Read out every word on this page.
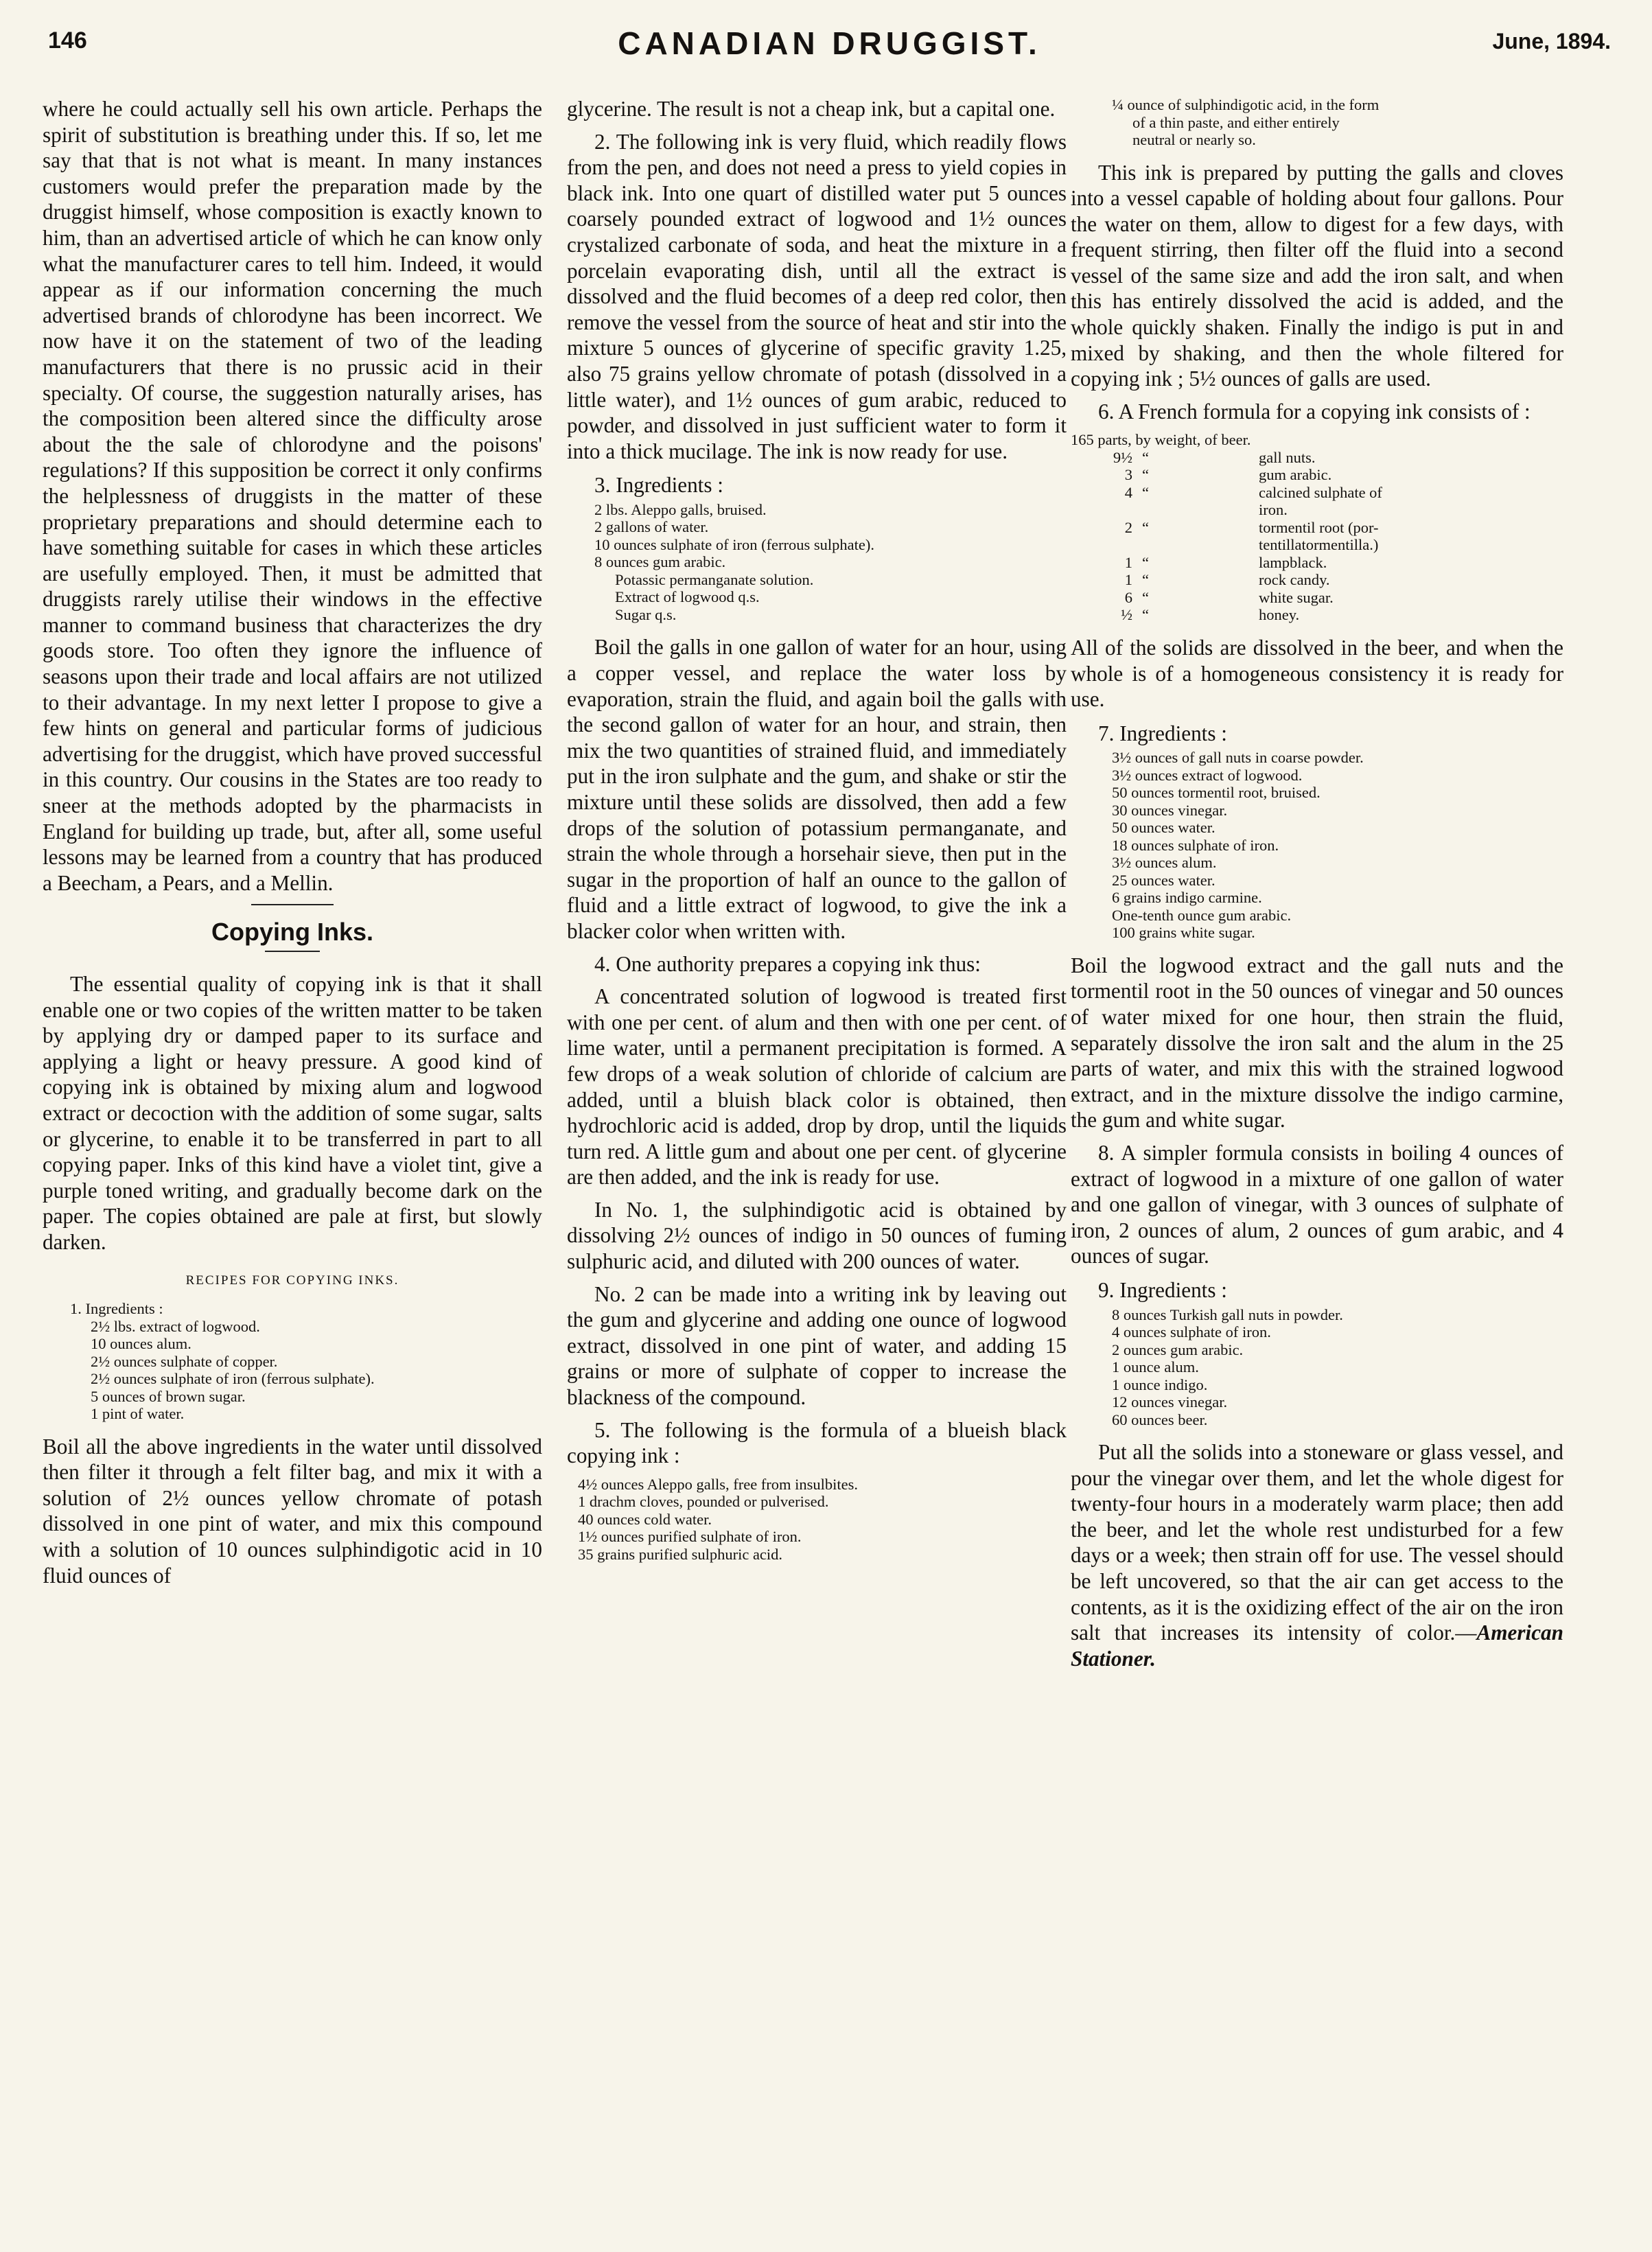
146	CANADIAN DRUGGIST.	June, 1894.

where he could actually sell his own article. Perhaps the spirit of substitution is breathing under this. If so, let me say that that is not what is meant. In many instances customers would prefer the preparation made by the druggist himself, whose composition is exactly known to him, than an advertised article of which he can know only what the manufacturer cares to tell him. Indeed, it would appear as if our information concerning the much advertised brands of chlorodyne has been incorrect. We now have it on the statement of two of the leading manufacturers that there is no prussic acid in their specialty. Of course, the suggestion naturally arises, has the composition been altered since the difficulty arose about the the sale of chlorodyne and the poisons' regulations? If this supposition be correct it only confirms the helplessness of druggists in the matter of these proprietary preparations and should determine each to have something suitable for cases in which these articles are usefully employed. Then, it must be admitted that druggists rarely utilise their windows in the effective manner to command business that characterizes the dry goods store. Too often they ignore the influence of seasons upon their trade and local affairs are not utilized to their advantage. In my next letter I propose to give a few hints on general and particular forms of judicious advertising for the druggist, which have proved successful in this country. Our cousins in the States are too ready to sneer at the methods adopted by the pharmacists in England for building up trade, but, after all, some useful lessons may be learned from a country that has produced a Beecham, a Pears, and a Mellin.

Copying Inks.

The essential quality of copying ink is that it shall enable one or two copies of the written matter to be taken by applying dry or damped paper to its surface and applying a light or heavy pressure. A good kind of copying ink is obtained by mixing alum and logwood extract or decoction with the addition of some sugar, salts or glycerine, to enable it to be transferred in part to all copying paper. Inks of this kind have a violet tint, give a purple toned writing, and gradually become dark on the paper. The copies obtained are pale at first, but slowly darken.

RECIPES FOR COPYING INKS.
1. Ingredients :
2½ lbs. extract of logwood.
10 ounces alum.
2½ ounces sulphate of copper.
2½ ounces sulphate of iron (ferrous sulphate).
5 ounces of brown sugar.
1 pint of water.

Boil all the above ingredients in the water until dissolved then filter it through a felt filter bag, and mix it with a solution of 2½ ounces yellow chromate of potash dissolved in one pint of water, and mix this compound with a solution of 10 ounces sulphindigotic acid in 10 fluid ounces of

glycerine. The result is not a cheap ink, but a capital one.

2. The following ink is very fluid, which readily flows from the pen, and does not need a press to yield copies in black ink. Into one quart of distilled water put 5 ounces coarsely pounded extract of logwood and 1½ ounces crystalized carbonate of soda, and heat the mixture in a porcelain evaporating dish, until all the extract is dissolved and the fluid becomes of a deep red color, then remove the vessel from the source of heat and stir into the mixture 5 ounces of glycerine of specific gravity 1.25, also 75 grains yellow chromate of potash (dissolved in a little water), and 1½ ounces of gum arabic, reduced to powder, and dissolved in just sufficient water to form it into a thick mucilage. The ink is now ready for use.

3. Ingredients :
2 lbs. Aleppo galls, bruised.
2 gallons of water.
10 ounces sulphate of iron (ferrous sulphate).
8 ounces gum arabic.
Potassic permanganate solution.
Extract of logwood q.s.
Sugar q.s.

Boil the galls in one gallon of water for an hour, using a copper vessel, and replace the water loss by evaporation, strain the fluid, and again boil the galls with the second gallon of water for an hour, and strain, then mix the two quantities of strained fluid, and immediately put in the iron sulphate and the gum, and shake or stir the mixture until these solids are dissolved, then add a few drops of the solution of potassium permanganate, and strain the whole through a horsehair sieve, then put in the sugar in the proportion of half an ounce to the gallon of fluid and a little extract of logwood, to give the ink a blacker color when written with.

4. One authority prepares a copying ink thus:

A concentrated solution of logwood is treated first with one per cent. of alum and then with one per cent. of lime water, until a permanent precipitation is formed. A few drops of a weak solution of chloride of calcium are added, until a bluish black color is obtained, then hydrochloric acid is added, drop by drop, until the liquids turn red. A little gum and about one per cent. of glycerine are then added, and the ink is ready for use.

In No. 1, the sulphindigotic acid is obtained by dissolving 2½ ounces of indigo in 50 ounces of fuming sulphuric acid, and diluted with 200 ounces of water.

No. 2 can be made into a writing ink by leaving out the gum and glycerine and adding one ounce of logwood extract, dissolved in one pint of water, and adding 15 grains or more of sulphate of copper to increase the blackness of the compound.

5. The following is the formula of a blueish black copying ink :

4½ ounces Aleppo galls, free from insulbites.
1 drachm cloves, pounded or pulverised.
40 ounces cold water.
1½ ounces purified sulphate of iron.
35 grains purified sulphuric acid.
¼ ounce of sulphindigotic acid, in the form
of a thin paste, and either entirely
neutral or nearly so.

This ink is prepared by putting the galls and cloves into a vessel capable of holding about four gallons. Pour the water on them, allow to digest for a few days, with frequent stirring, then filter off the fluid into a second vessel of the same size and add the iron salt, and when this has entirely dissolved the acid is added, and the whole quickly shaken. Finally the indigo is put in and mixed by shaking, and then the whole filtered for copying ink ; 5½ ounces of galls are used.

6. A French formula for a copying ink consists of :

165 parts, by weight, of beer.
9½ “	gall nuts.
3 “	gum arabic.
4 “	calcined sulphate of
iron.
2 “	tormentil root (por-
tentillatormentilla.)
1 “	lampblack.
1 “	rock candy.
6 “	white sugar.
½ “	honey.

All of the solids are dissolved in the beer, and when the whole is of a homogeneous consistency it is ready for use.

7. Ingredients :
3½ ounces of gall nuts in coarse powder.
3½ ounces extract of logwood.
50 ounces tormentil root, bruised.
30 ounces vinegar.
50 ounces water.
18 ounces sulphate of iron.
3½ ounces alum.
25 ounces water.
6 grains indigo carmine.
One-tenth ounce gum arabic.
100 grains white sugar.

Boil the logwood extract and the gall nuts and the tormentil root in the 50 ounces of vinegar and 50 ounces of water mixed for one hour, then strain the fluid, separately dissolve the iron salt and the alum in the 25 parts of water, and mix this with the strained logwood extract, and in the mixture dissolve the indigo carmine, the gum and white sugar.

8. A simpler formula consists in boiling 4 ounces of extract of logwood in a mixture of one gallon of water and one gallon of vinegar, with 3 ounces of sulphate of iron, 2 ounces of alum, 2 ounces of gum arabic, and 4 ounces of sugar.

9. Ingredients :
8 ounces Turkish gall nuts in powder.
4 ounces sulphate of iron.
2 ounces gum arabic.
1 ounce alum.
1 ounce indigo.
12 ounces vinegar.
60 ounces beer.

Put all the solids into a stoneware or glass vessel, and pour the vinegar over them, and let the whole digest for twenty-four hours in a moderately warm place; then add the beer, and let the whole rest undisturbed for a few days or a week; then strain off for use. The vessel should be left uncovered, so that the air can get access to the contents, as it is the oxidizing effect of the air on the iron salt that increases its intensity of color.—American Stationer.
